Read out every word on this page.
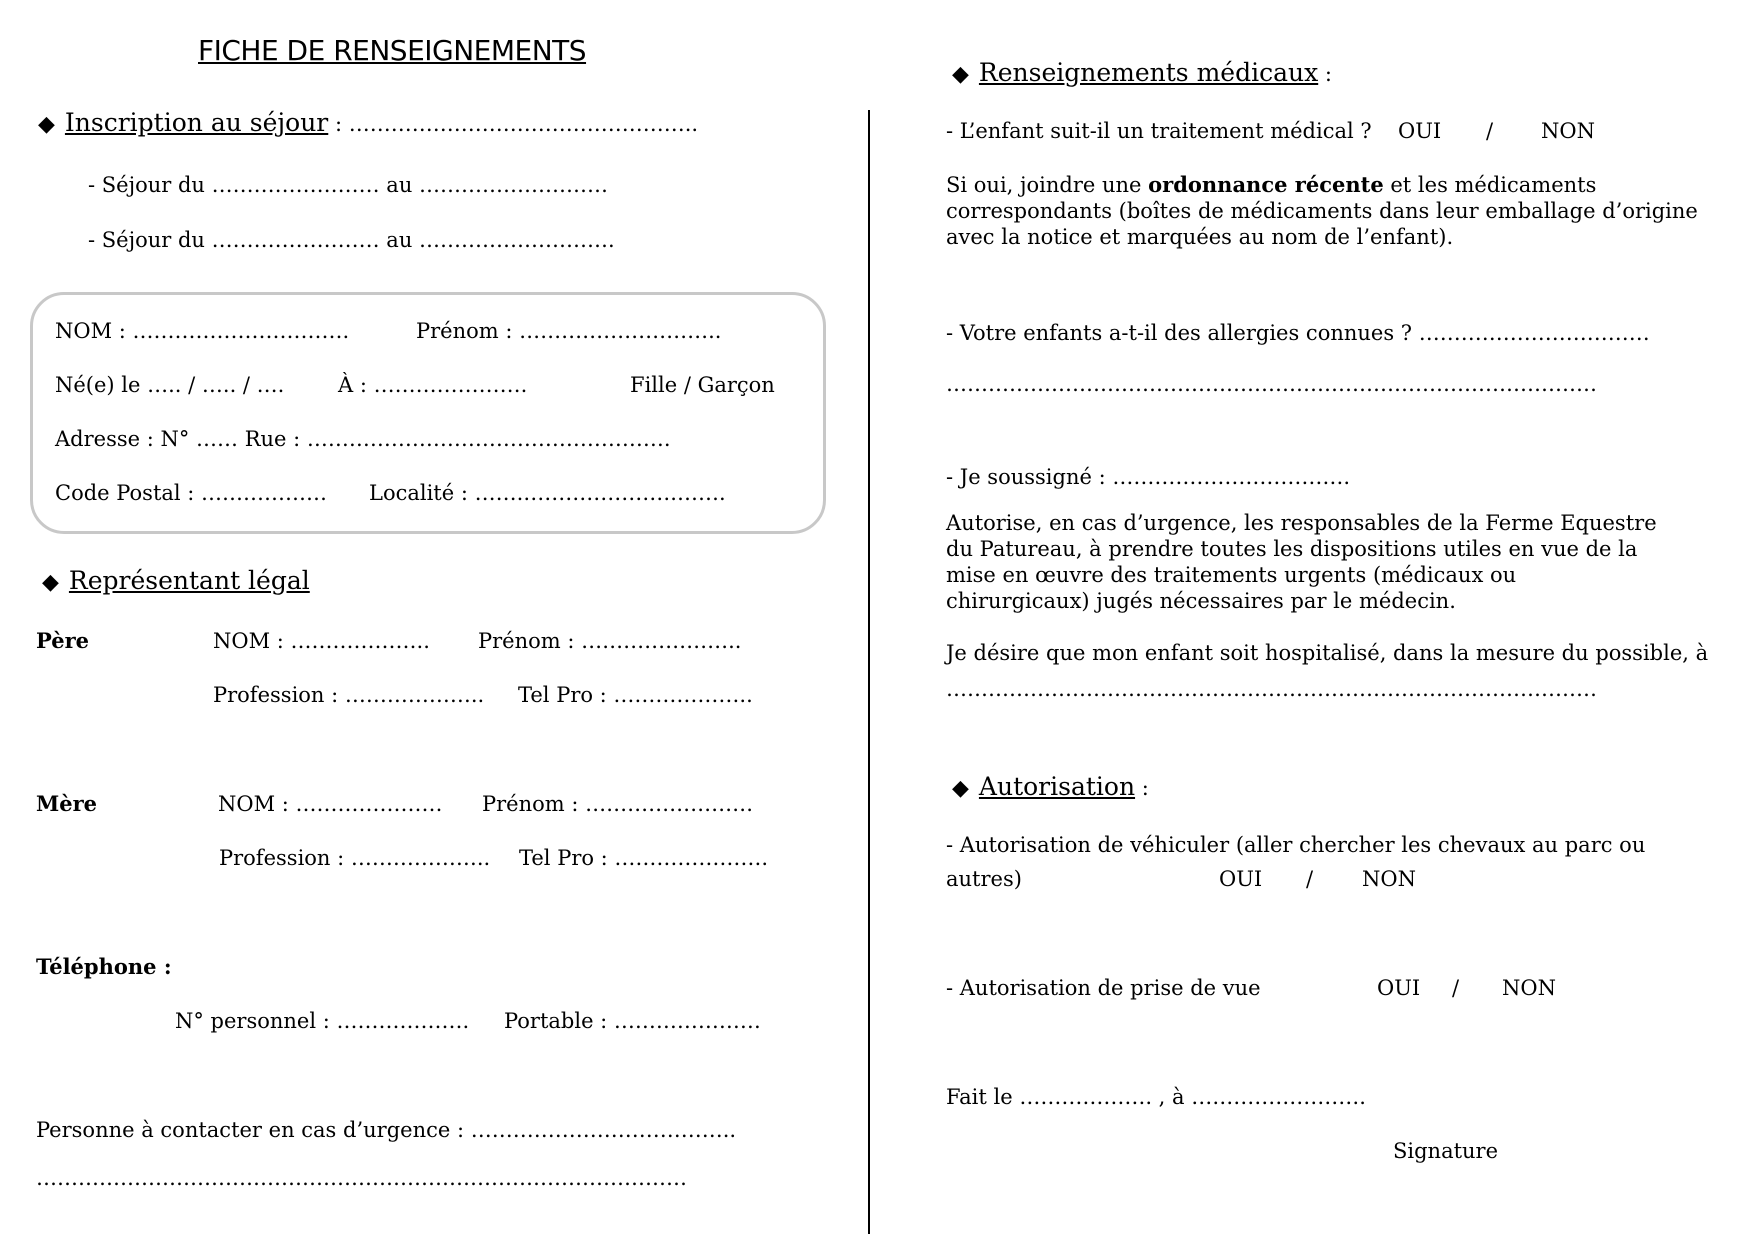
FICHE DE RENSEIGNEMENTS
◆ Inscription au séjour : …………………………………………..
- Séjour du …………………… au ………………………
- Séjour du …………………… au ……………………….
NOM : ………………………….	Prénom : ………………………..
Né(e) le ….. / ….. / ….	À : ………………….	Fille / Garçon
Adresse : N° …… Rue : …………………………………………….
Code Postal : ……………… Localité : …….………………….…….
◆ Représentant légal
Père	NOM : ……………….. Prénom : …………………..
Profession : ……………….. Tel Pro : ………………..
Mère	NOM : ………………… Prénom : ……………………
Profession : ……………….. Tel Pro : ………………….
Téléphone :
N° personnel : ………………. Portable : …………………
Personne à contacter en cas d’urgence : ………………………………..
…………………………………………………………………………………
◆ Renseignements médicaux :
- L’enfant suit-il un traitement médical ? OUI / NON
Si oui, joindre une ordonnance récente et les médicaments correspondants (boîtes de médicaments dans leur emballage d’origine avec la notice et marquées au nom de l’enfant).
- Votre enfants a-t-il des allergies connues ? ……………………………
…………………………………………………………………………………
- Je soussigné : …………………………….
Autorise, en cas d’urgence, les responsables de la Ferme Equestre du Patureau, à prendre toutes les dispositions utiles en vue de la mise en œuvre des traitements urgents (médicaux ou chirurgicaux) jugés nécessaires par le médecin.
Je désire que mon enfant soit hospitalisé, dans la mesure du possible, à
…………………………………………………………………………………
◆ Autorisation :
- Autorisation de véhiculer (aller chercher les chevaux au parc ou
autres)	OUI / NON
- Autorisation de prise de vue	OUI / NON
Fait le ………………. , à …………………….
Signature
